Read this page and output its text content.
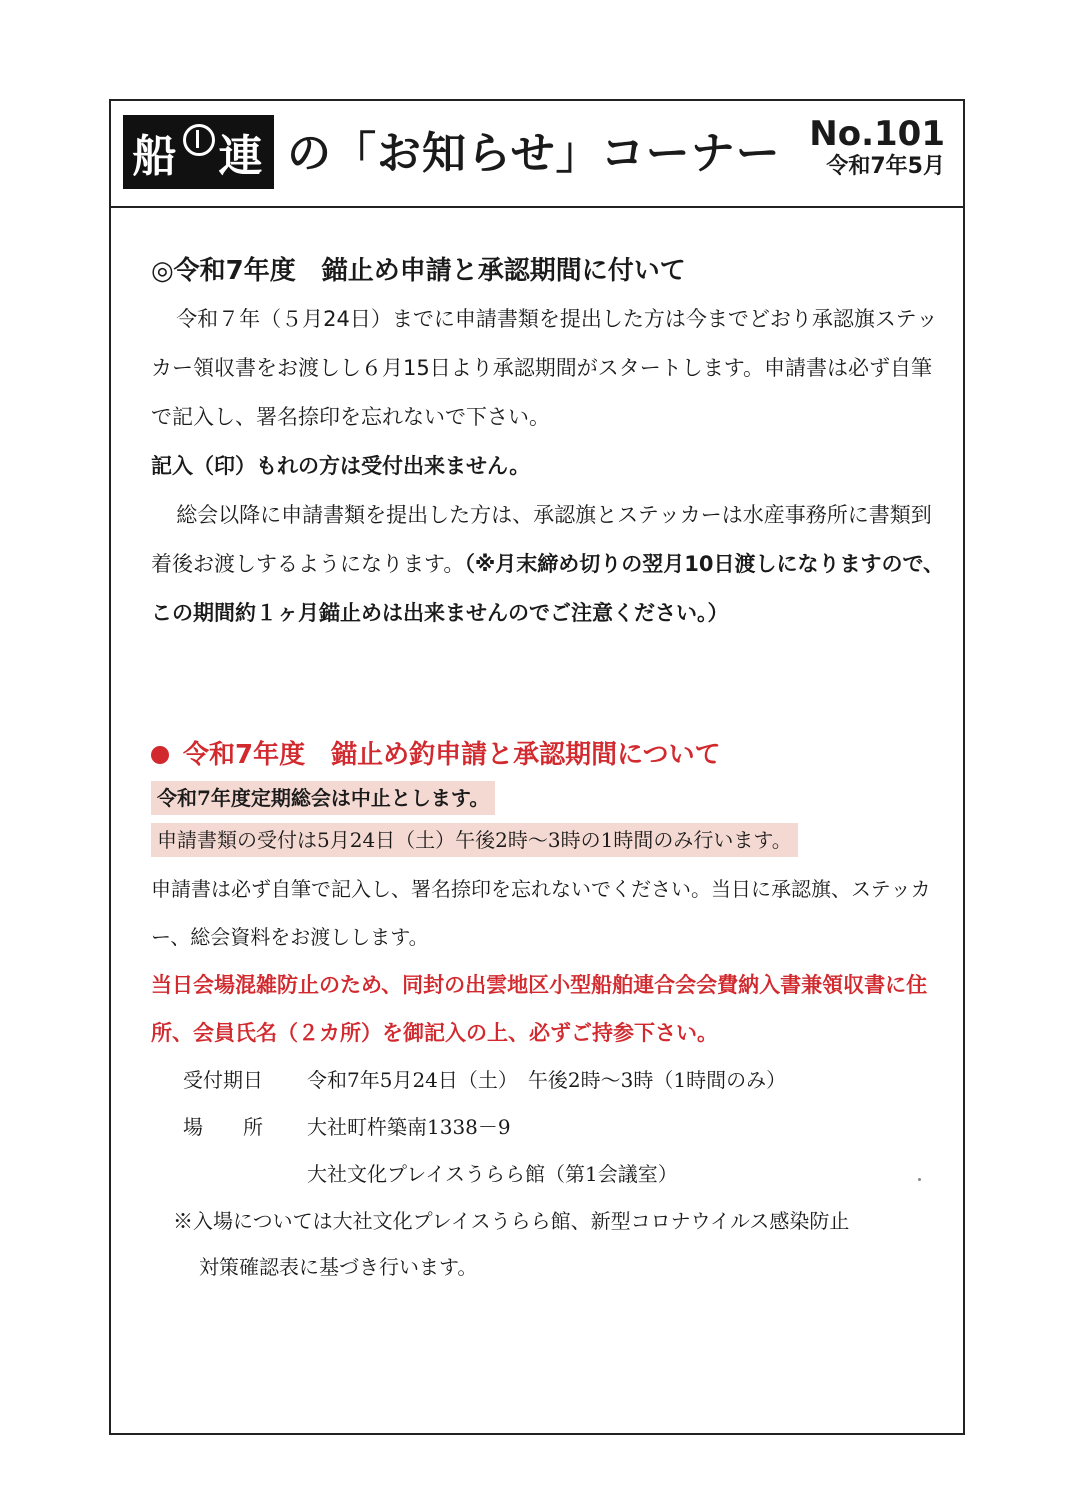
船 連 の「お知らせ」コーナー No.101
令和7年5月
◎令和7年度　錨止め申請と承認期間に付いて
令和７年（５月24日）までに申請書類を提出した方は今までどおり承認旗ステッカー領収書をお渡しし６月15日より承認期間がスタートします。申請書は必ず自筆で記入し、署名捺印を忘れないで下さい。
記入（印）もれの方は受付出来ません。
総会以降に申請書類を提出した方は、承認旗とステッカーは水産事務所に書類到着後お渡しするようになります。（※月末締め切りの翌月10日渡しになりますので、この期間約１ヶ月錨止めは出来ませんのでご注意ください。）
令和7年度　錨止め釣申請と承認期間について
令和7年度定期総会は中止とします。
申請書類の受付は5月24日（土）午後2時～3時の1時間のみ行います。
申請書は必ず自筆で記入し、署名捺印を忘れないでください。当日に承認旗、ステッカー、総会資料をお渡しします。
当日会場混雑防止のため、同封の出雲地区小型船舶連合会会費納入書兼領収書に住所、会員氏名（２カ所）を御記入の上、必ずご持参下さい。
受付期日 令和7年5月24日（土）　午後2時～3時（1時間のみ）
場　　所 大社町杵築南1338－9
大社文化プレイスうらら館（第1会議室）
※入場については大社文化プレイスうらら館、新型コロナウイルス感染防止
対策確認表に基づき行います。
